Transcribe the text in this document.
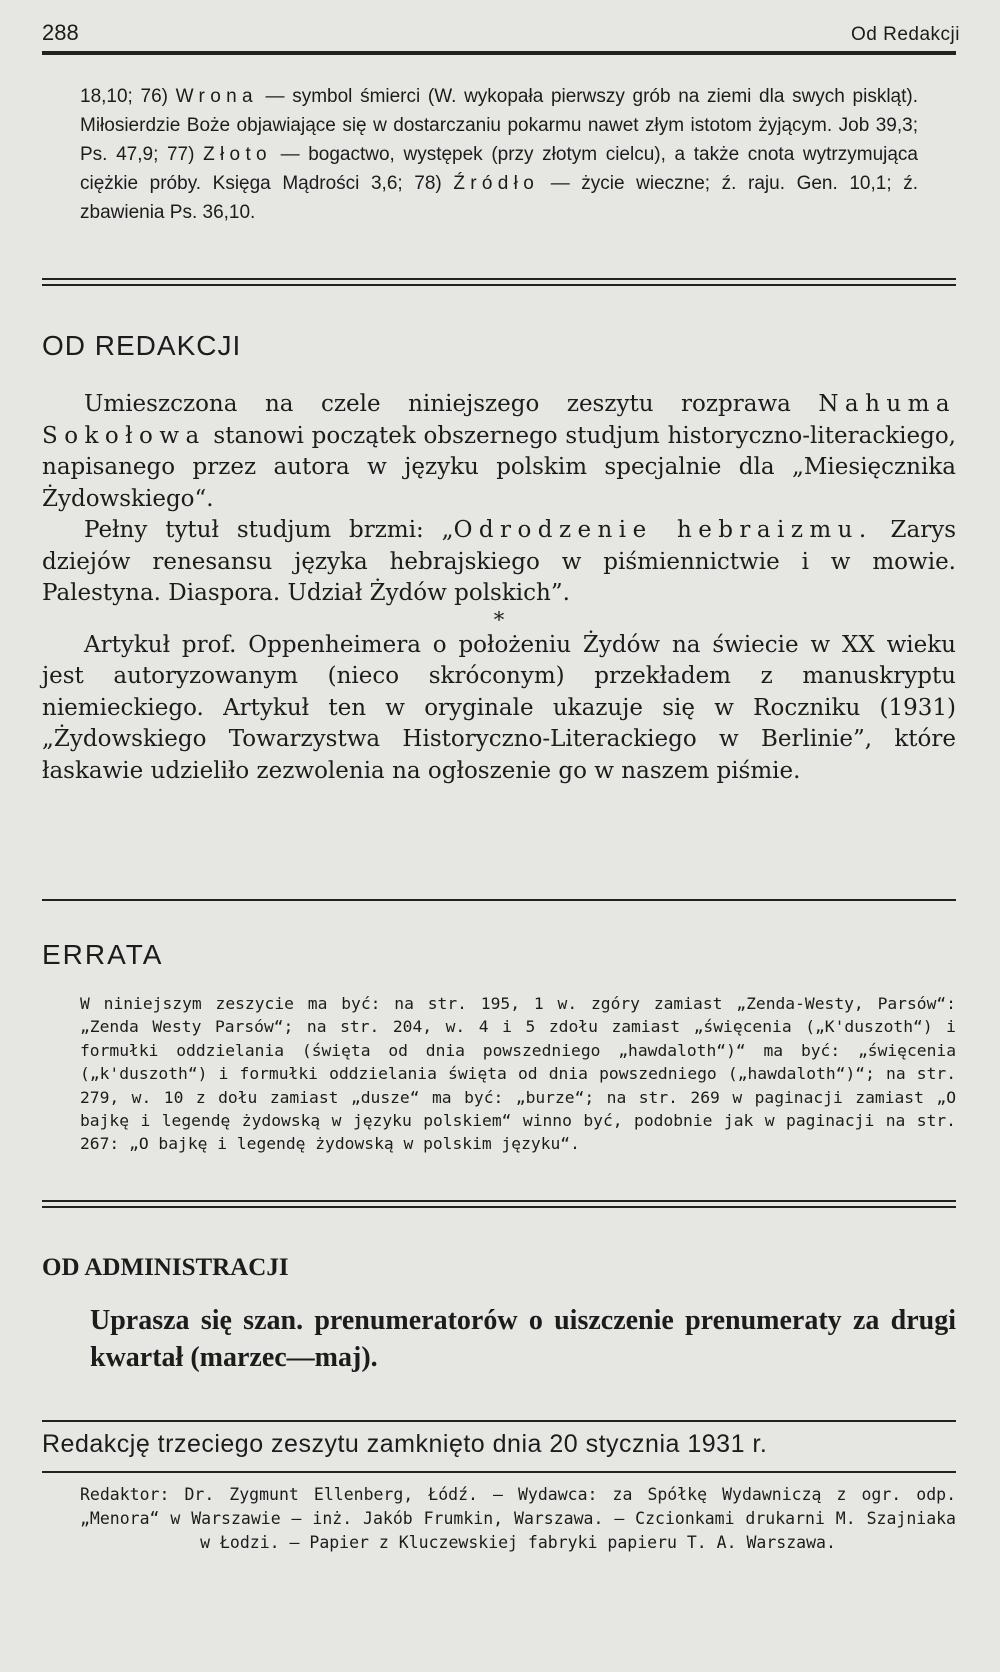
288	Od Redakcji
18,10; 76) Wrona — symbol śmierci (W. wykopała pierwszy grób na ziemi dla swych piskląt). Miłosierdzie Boże objawiające się w dostarczaniu pokarmu nawet złym istotom żyjącym. Job 39,3; Ps. 47,9; 77) Złoto — bogactwo, występek (przy złotym cielcu), a także cnota wytrzymująca ciężkie próby. Księga Mądrości 3,6; 78) Źródło — życie wieczne; ź. raju. Gen. 10,1; ź. zbawienia Ps. 36,10.
OD REDAKCJI

Umieszczona na czele niniejszego zeszytu rozprawa Nahuma Sokołowa stanowi początek obszernego studjum historyczno-literackiego, napisanego przez autora w języku polskim specjalnie dla „Miesięcznika Żydowskiego“.

Pełny tytuł studjum brzmi: „Odrodzenie hebraizmu. Zarys dziejów renesansu języka hebrajskiego w piśmiennictwie i w mowie. Palestyna. Diaspora. Udział Żydów polskich”.

*

Artykuł prof. Oppenheimera o położeniu Żydów na świecie w XX wieku jest autoryzowanym (nieco skróconym) przekładem z manuskryptu niemieckiego. Artykuł ten w oryginale ukazuje się w Roczniku (1931) „Żydowskiego Towarzystwa Historyczno-Literackiego w Berlinie”, które łaskawie udzieliło zezwolenia na ogłoszenie go w naszem piśmie.

ERRATA
W niniejszym zeszycie ma być: na str. 195, 1 w. zgóry zamiast „Zenda-Westy, Parsów“: „Zenda Westy Parsów“; na str. 204, w. 4 i 5 zdołu zamiast „święcenia („K'duszoth“) i formułki oddzielania (święta od dnia powszedniego „hawdaloth“)“ ma być: „święcenia („k'duszoth“) i formułki oddzielania święta od dnia powszedniego („hawdaloth“)“; na str. 279, w. 10 z dołu zamiast „dusze“ ma być: „burze“; na str. 269 w paginacji zamiast „O bajkę i legendę żydowską w języku polskiem“ winno być, podobnie jak w paginacji na str. 267: „O bajkę i legendę żydowską w polskim języku“.
OD ADMINISTRACJI
Uprasza się szan. prenumeratorów o uiszczenie prenumeraty za drugi kwartał (marzec—maj).
Redakcję trzeciego zeszytu zamknięto dnia 20 stycznia 1931 r.
Redaktor: Dr. Zygmunt Ellenberg, Łódź. — Wydawca: za Spółkę Wydawniczą z ogr. odp. „Menora“ w Warszawie — inż. Jakób Frumkin, Warszawa. — Czcionkami drukarni M. Szajniaka w Łodzi. — Papier z Kluczewskiej fabryki papieru T. A. Warszawa.
